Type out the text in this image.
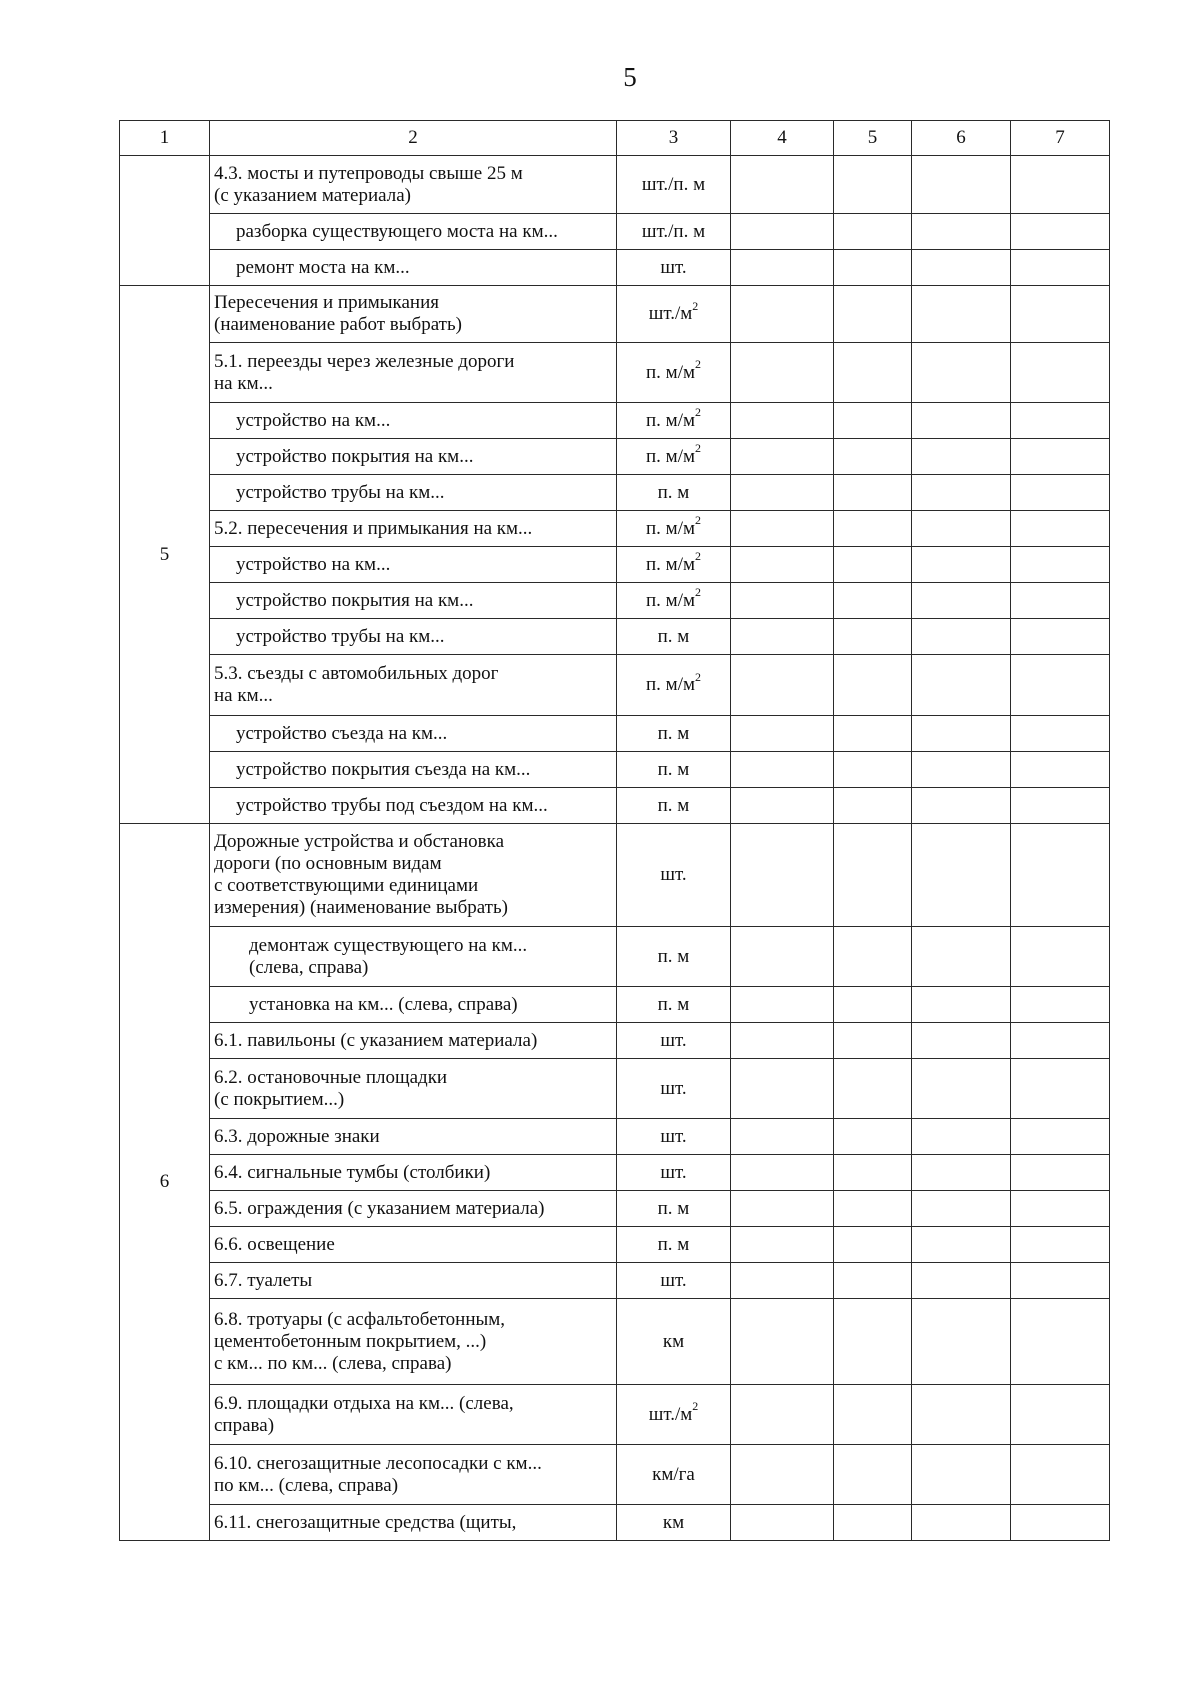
5
1	2	3	4	5	6	7

	4.3. мосты и путепроводы свыше 25 м
(с указанием материала)	шт./п. м				

	разборка существующего моста на км...	шт./п. м				

	ремонт моста на км...	шт.				
5	Пересечения и примыкания
(наименование работ выбрать)	$шт./м^2$				

	5.1. переезды через железные дороги
на км...	п. $м/м^2$				

	устройство на км...	п. $м/м^2$				

	устройство покрытия на км...	п. $м/м^2$				

	устройство трубы на км...	п. м				

	5.2. пересечения и примыкания на км...	п. $м/м^2$				

	устройство на км...	п. $м/м^2$				

	устройство покрытия на км...	п. $м/м^2$				

	устройство трубы на км...	п. м				

	5.3. съезды с автомобильных дорог
на км...	п. $м/м^2$				

	устройство съезда на км...	п. м				

	устройство покрытия съезда на км...	п. м				

	устройство трубы под съездом на км...	п. м				
6	Дорожные устройства и обстановка
дороги (по основным видам
с соответствующими единицами
измерения) (наименование выбрать)	шт.				

	демонтаж существующего на км...
(слева, справа)	п. м				

	установка на км... (слева, справа)	п. м				

	6.1. павильоны (с указанием материала)	шт.				

	6.2. остановочные площадки
(с покрытием...)	шт.				

	6.3. дорожные знаки	шт.				

	6.4. сигнальные тумбы (столбики)	шт.				

	6.5. ограждения (с указанием материала)	п. м				

	6.6. освещение	п. м				

	6.7. туалеты	шт.				

	6.8. тротуары (с асфальтобетонным,
цементобетонным покрытием, ...)
с км... по км... (слева, справа)	км				

	6.9. площадки отдыха на км... (слева,
справа)	$шт./м^2$				

	6.10. снегозащитные лесопосадки с км...
по км... (слева, справа)	км/га				

	6.11. снегозащитные средства (щиты,	км				
